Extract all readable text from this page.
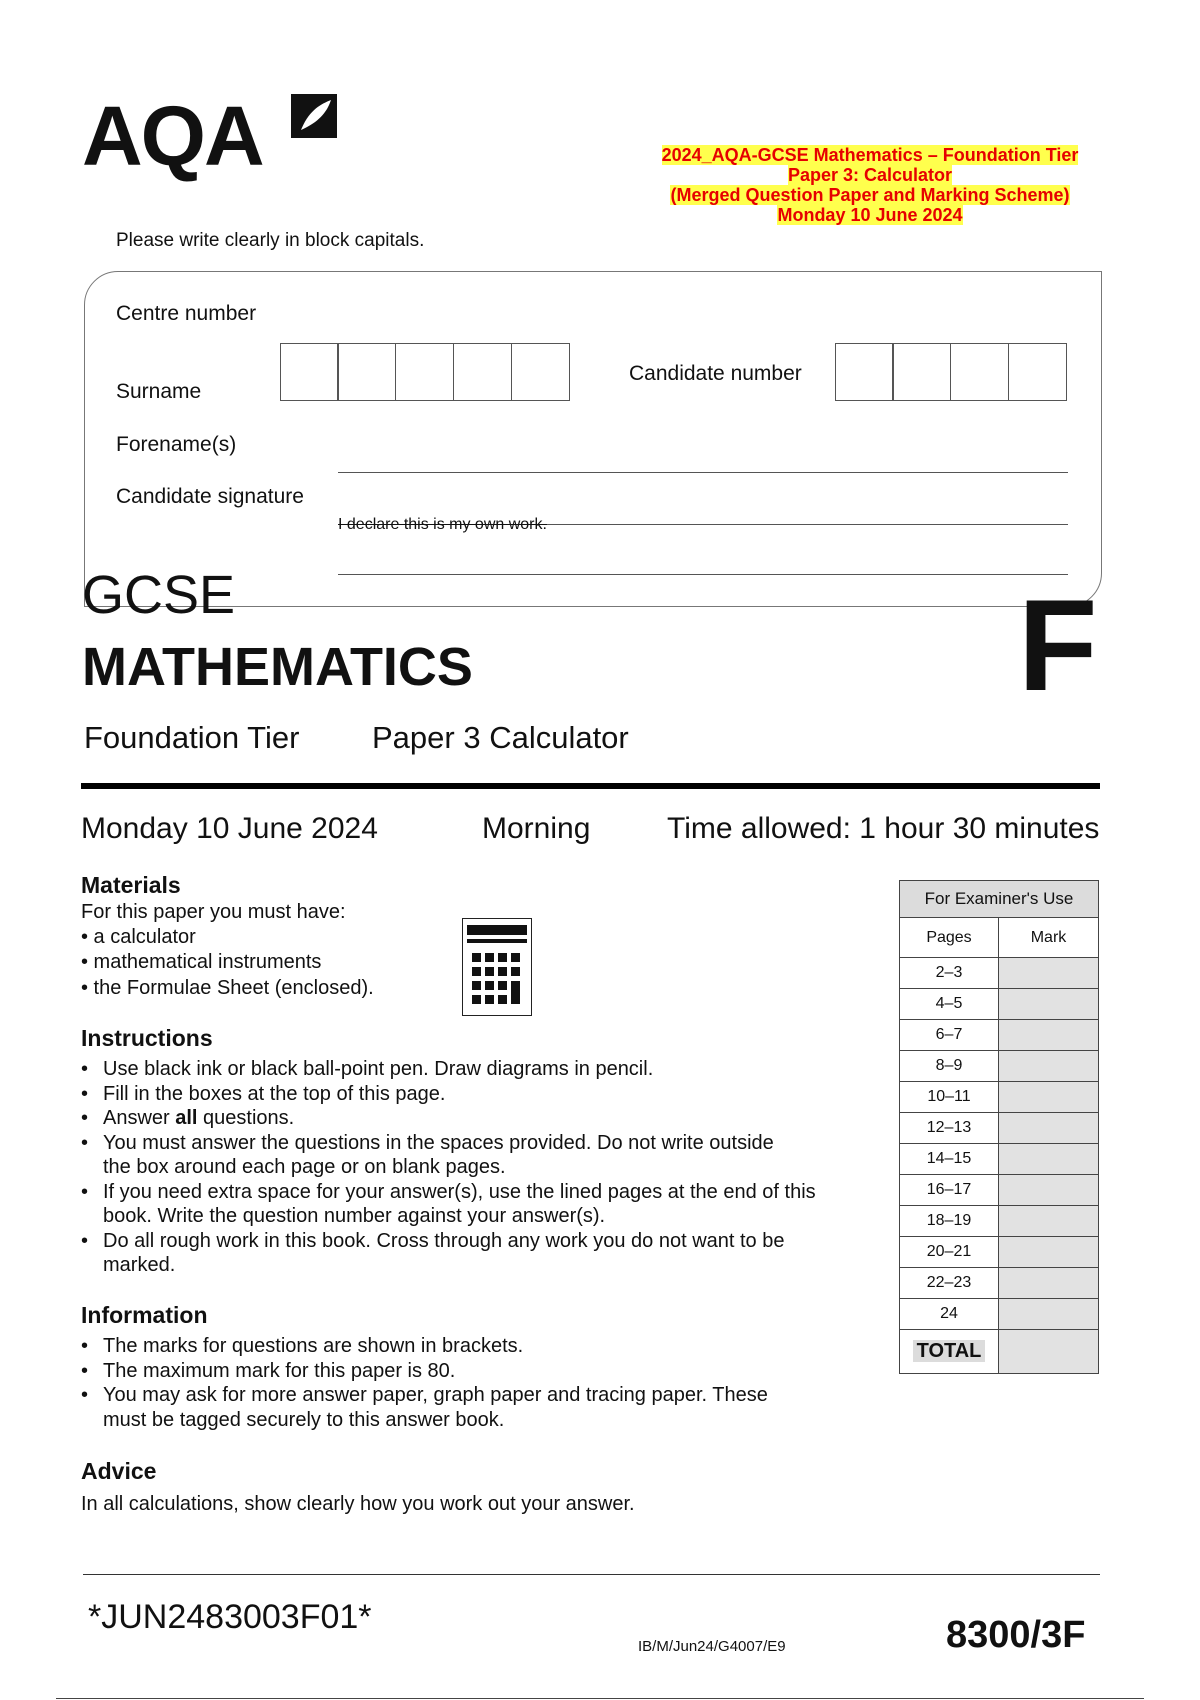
AQA	2024_AQA-GCSE Mathematics – Foundation Tier
Paper 3: Calculator
(Merged Question Paper and Marking Scheme)
Monday 10 June 2024
Please write clearly in block capitals.
Centre number
Candidate number
Surname
Forename(s)
Candidate signature
I declare this is my own work.
GCSE
MATHEMATICS	F
Foundation Tier Paper 3 Calculator
Monday 10 June 2024	Morning	Time allowed: 1 hour 30 minutes
Materials
For this paper you must have:
• a calculator
• mathematical instruments
• the Formulae Sheet (enclosed).
Instructions
• Use black ink or black ball-point pen. Draw diagrams in pencil.
• Fill in the boxes at the top of this page.
• Answer all questions.
• You must answer the questions in the spaces provided. Do not write outside the box around each page or on blank pages.
• If you need extra space for your answer(s), use the lined pages at the end of this book. Write the question number against your answer(s).
• Do all rough work in this book. Cross through any work you do not want to be marked.
Information
• The marks for questions are shown in brackets.
• The maximum mark for this paper is 80.
• You may ask for more answer paper, graph paper and tracing paper. These must be tagged securely to this answer book.
Advice
In all calculations, show clearly how you work out your answer.
For Examiner's Use	
Pages	Mark
2–3	
4–5	
6–7	
8–9	
10–11	
12–13	
14–15	
16–17	
18–19	
20–21	
22–23	
24	
TOTAL	
*JUN2483003F01*
IB/M/Jun24/G4007/E9	8300/3F
